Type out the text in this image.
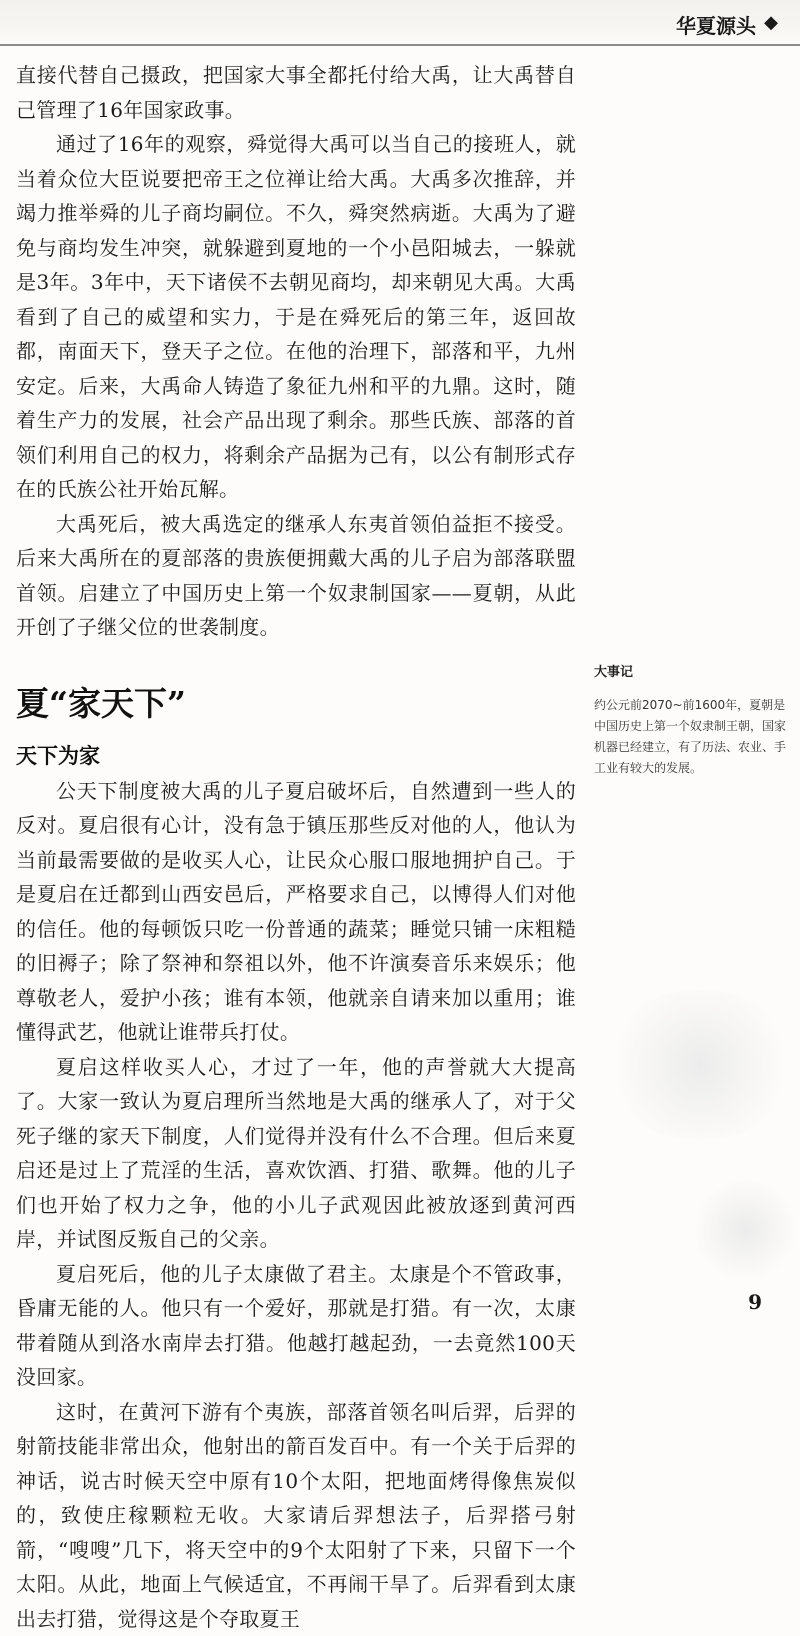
华夏源头 ◆

直接代替自己摄政，把国家大事全都托付给大禹，让大禹替自己管理了16年国家政事。

通过了16年的观察，舜觉得大禹可以当自己的接班人，就当着众位大臣说要把帝王之位禅让给大禹。大禹多次推辞，并竭力推举舜的儿子商均嗣位。不久，舜突然病逝。大禹为了避免与商均发生冲突，就躲避到夏地的一个小邑阳城去，一躲就是3年。3年中，天下诸侯不去朝见商均，却来朝见大禹。大禹看到了自己的威望和实力，于是在舜死后的第三年，返回故都，南面天下，登天子之位。在他的治理下，部落和平，九州安定。后来，大禹命人铸造了象征九州和平的九鼎。这时，随着生产力的发展，社会产品出现了剩余。那些氏族、部落的首领们利用自己的权力，将剩余产品据为己有，以公有制形式存在的氏族公社开始瓦解。

大禹死后，被大禹选定的继承人东夷首领伯益拒不接受。后来大禹所在的夏部落的贵族便拥戴大禹的儿子启为部落联盟首领。启建立了中国历史上第一个奴隶制国家——夏朝，从此开创了子继父位的世袭制度。

夏“家天下”
天下为家

公天下制度被大禹的儿子夏启破坏后，自然遭到一些人的反对。夏启很有心计，没有急于镇压那些反对他的人，他认为当前最需要做的是收买人心，让民众心服口服地拥护自己。于是夏启在迁都到山西安邑后，严格要求自己，以博得人们对他的信任。他的每顿饭只吃一份普通的蔬菜；睡觉只铺一床粗糙的旧褥子；除了祭神和祭祖以外，他不许演奏音乐来娱乐；他尊敬老人，爱护小孩；谁有本领，他就亲自请来加以重用；谁懂得武艺，他就让谁带兵打仗。

夏启这样收买人心，才过了一年，他的声誉就大大提高了。大家一致认为夏启理所当然地是大禹的继承人了，对于父死子继的家天下制度，人们觉得并没有什么不合理。但后来夏启还是过上了荒淫的生活，喜欢饮酒、打猎、歌舞。他的儿子们也开始了权力之争，他的小儿子武观因此被放逐到黄河西岸，并试图反叛自己的父亲。

夏启死后，他的儿子太康做了君主。太康是个不管政事，昏庸无能的人。他只有一个爱好，那就是打猎。有一次，太康带着随从到洛水南岸去打猎。他越打越起劲，一去竟然100天没回家。

这时，在黄河下游有个夷族，部落首领名叫后羿，后羿的射箭技能非常出众，他射出的箭百发百中。有一个关于后羿的神话，说古时候天空中原有10个太阳，把地面烤得像焦炭似的，致使庄稼颗粒无收。大家请后羿想法子，后羿搭弓射箭，“嗖嗖”几下，将天空中的9个太阳射了下来，只留下一个太阳。从此，地面上气候适宜，不再闹干旱了。后羿看到太康出去打猎，觉得这是个夺取夏王

大事记

约公元前2070~前1600年，夏朝是中国历史上第一个奴隶制王朝，国家机器已经建立，有了历法、农业、手工业有较大的发展。

9
